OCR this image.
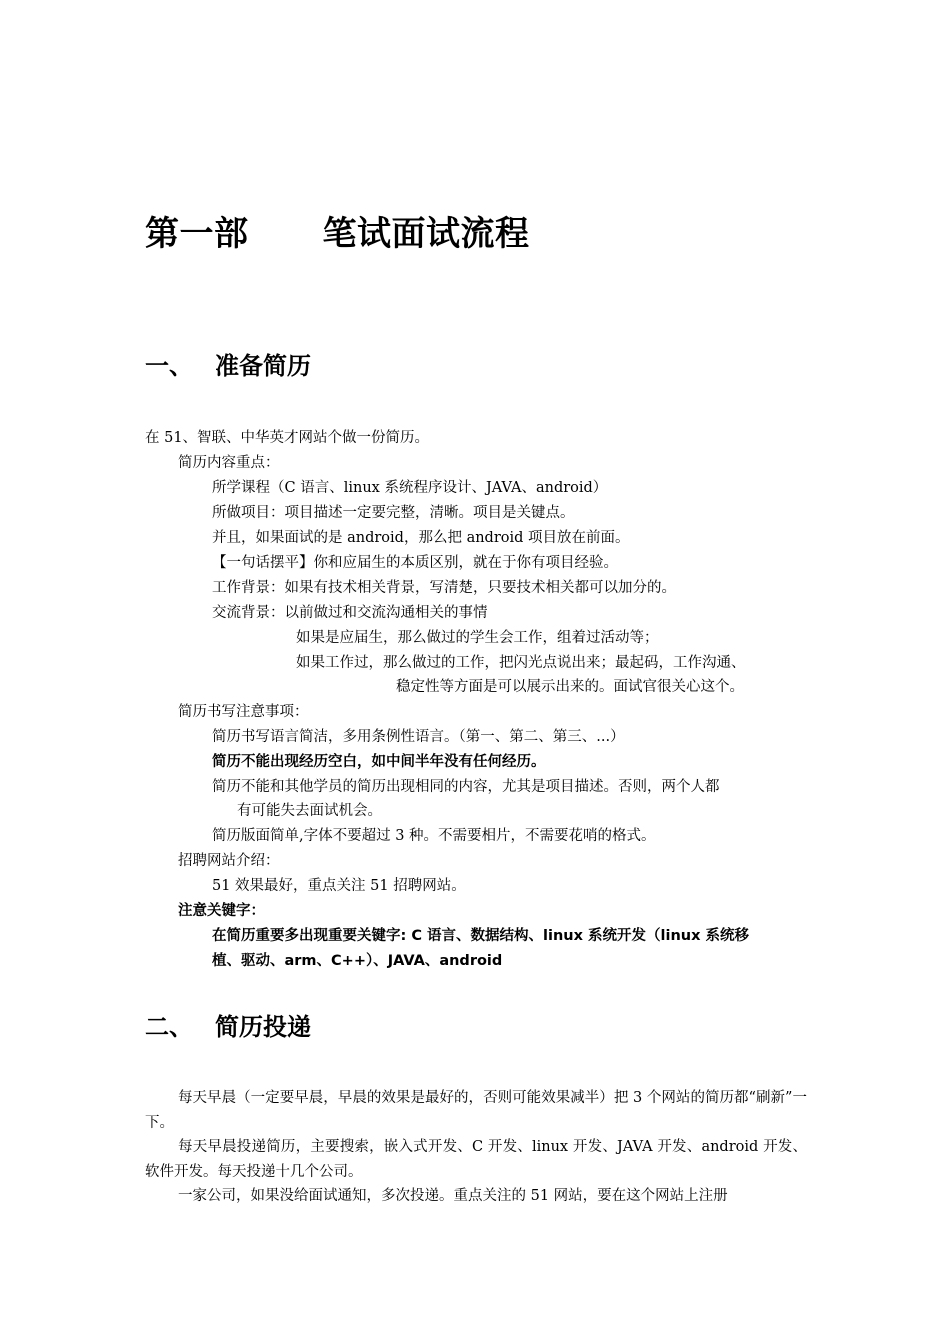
第一部 笔试面试流程
一、 准备简历
在 51、智联、中华英才网站个做一份简历。
简历内容重点：
所学课程（C 语言、linux 系统程序设计、JAVA、android）
所做项目：项目描述一定要完整，清晰。项目是关键点。
并且，如果面试的是 android，那么把 android 项目放在前面。
【一句话摆平】你和应届生的本质区别，就在于你有项目经验。
工作背景：如果有技术相关背景，写清楚，只要技术相关都可以加分的。
交流背景：以前做过和交流沟通相关的事情
如果是应届生，那么做过的学生会工作，组着过活动等；
如果工作过，那么做过的工作，把闪光点说出来；最起码，工作沟通、
稳定性等方面是可以展示出来的。面试官很关心这个。
简历书写注意事项：
简历书写语言简洁，多用条例性语言。（第一、第二、第三、...）
简历不能出现经历空白，如中间半年没有任何经历。
简历不能和其他学员的简历出现相同的内容，尤其是项目描述。否则，两个人都
有可能失去面试机会。
简历版面简单,字体不要超过 3 种。不需要相片，不需要花哨的格式。
招聘网站介绍：
51 效果最好，重点关注 51 招聘网站。
注意关键字：
在简历重要多出现重要关键字: C 语言、数据结构、linux 系统开发（linux 系统移
植、驱动、arm、C++）、JAVA、android
二、 简历投递
每天早晨（一定要早晨，早晨的效果是最好的，否则可能效果减半）把 3 个网站的简历都“刷新”一下。
每天早晨投递简历，主要搜索，嵌入式开发、C 开发、linux 开发、JAVA 开发、android 开发、软件开发。每天投递十几个公司。
一家公司，如果没给面试通知，多次投递。重点关注的 51 网站，要在这个网站上注册
